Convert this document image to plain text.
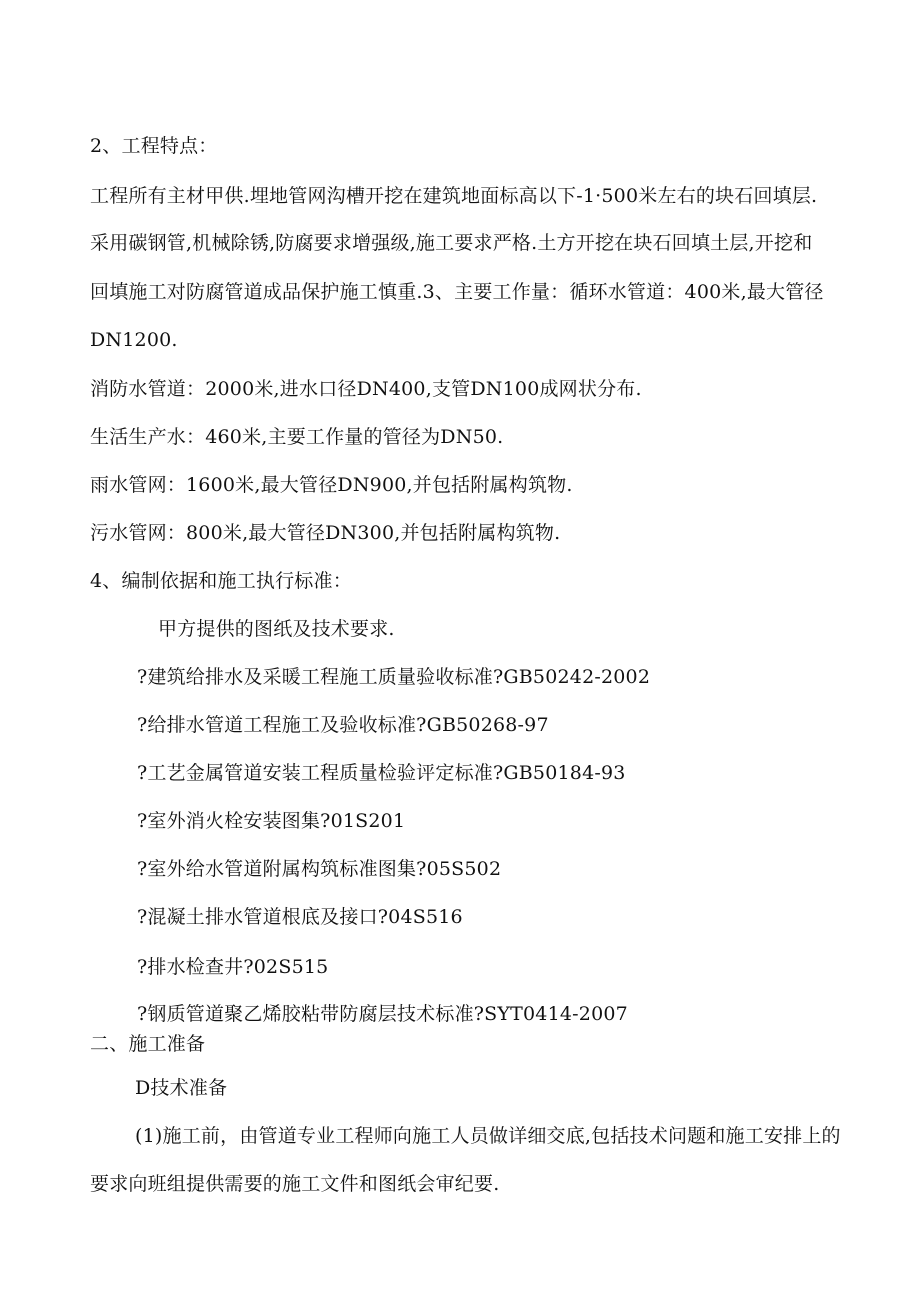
2、工程特点：
工程所有主材甲供.埋地管网沟槽开挖在建筑地面标高以下-1·500米左右的块石回填层.
采用碳钢管,机械除锈,防腐要求增强级,施工要求严格.土方开挖在块石回填土层,开挖和
回填施工对防腐管道成品保护施工慎重.3、主要工作量：循环水管道：400米,最大管径
DN1200.
消防水管道：2000米,进水口径DN400,支管DN100成网状分布.
生活生产水：460米,主要工作量的管径为DN50.
雨水管网：1600米,最大管径DN900,并包括附属构筑物.
污水管网：800米,最大管径DN300,并包括附属构筑物.
4、编制依据和施工执行标准：
甲方提供的图纸及技术要求.
?建筑给排水及采暖工程施工质量验收标准?GB50242-2002
?给排水管道工程施工及验收标准?GB50268-97
?工艺金属管道安装工程质量检验评定标准?GB50184-93
?室外消火栓安装图集?01S201
?室外给水管道附属构筑标准图集?05S502
?混凝土排水管道根底及接口?04S516
?排水检查井?02S515
?钢质管道聚乙烯胶粘带防腐层技术标准?SYT0414-2007
二、施工准备
D技术准备
(1)施工前，由管道专业工程师向施工人员做详细交底,包括技术问题和施工安排上的
要求向班组提供需要的施工文件和图纸会审纪要.
